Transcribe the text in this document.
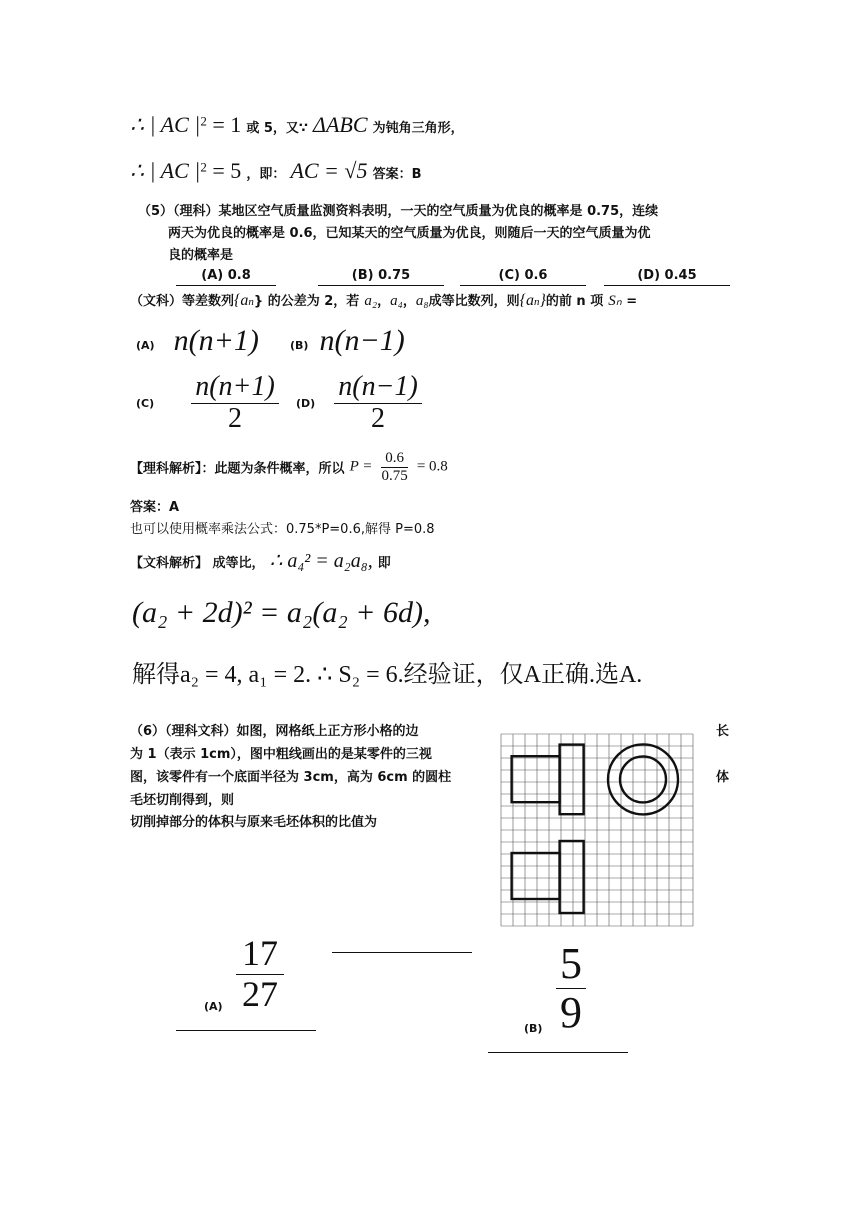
∴ | AC $|^2 = 1$ 或 5，又∵ ΔABC 为钝角三角形，
∴ | AC $|^2 = 5$ ，即： AC = √5 答案：B
（5）（理科）某地区空气质量监测资料表明，一天的空气质量为优良的概率是 0.75，连续
两天为优良的概率是 0.6，已知某天的空气质量为优良，则随后一天的空气质量为优
良的概率是
(A) 0.8	(B) 0.75	(C) 0.6	(D) 0.45
（文科）等差数列{an} 的公差为 2，若 a₂，a₄，a₈成等比数列，则{an}的前 n 项 Sₙ =
(A) n(n+1)	(B) n(n−1)
$(C) \frac{n(n+1)}{2} (D) \frac{n(n-1)}{2}$
【理科解析】：此题为条件概率，所以 $P = \frac{0.6}{0.75} = 0.8$
答案：A
也可以使用概率乘法公式：0.75*P=0.6,解得 P=0.8
【文科解析】 成等比， ∴ a₄² = a₂a₈, 即
(a₂ + 2d)² = a₂(a₂ + 6d),
解得a₂ = 4, a₁ = 2. ∴ S₂ = 6.经验证，仅A正确.选A.
（6）（理科文科）如图，网格纸上正方形小格的边
为 1（表示 1cm），图中粗线画出的是某零件的三视
图，该零件有一个底面半径为 3cm，高为 6cm 的圆柱
毛坯切削得到，则
切削掉部分的体积与原来毛坯体积的比值为
长
体
$(A) \frac{17}{27}$
$(B) \frac{5}{9}$
